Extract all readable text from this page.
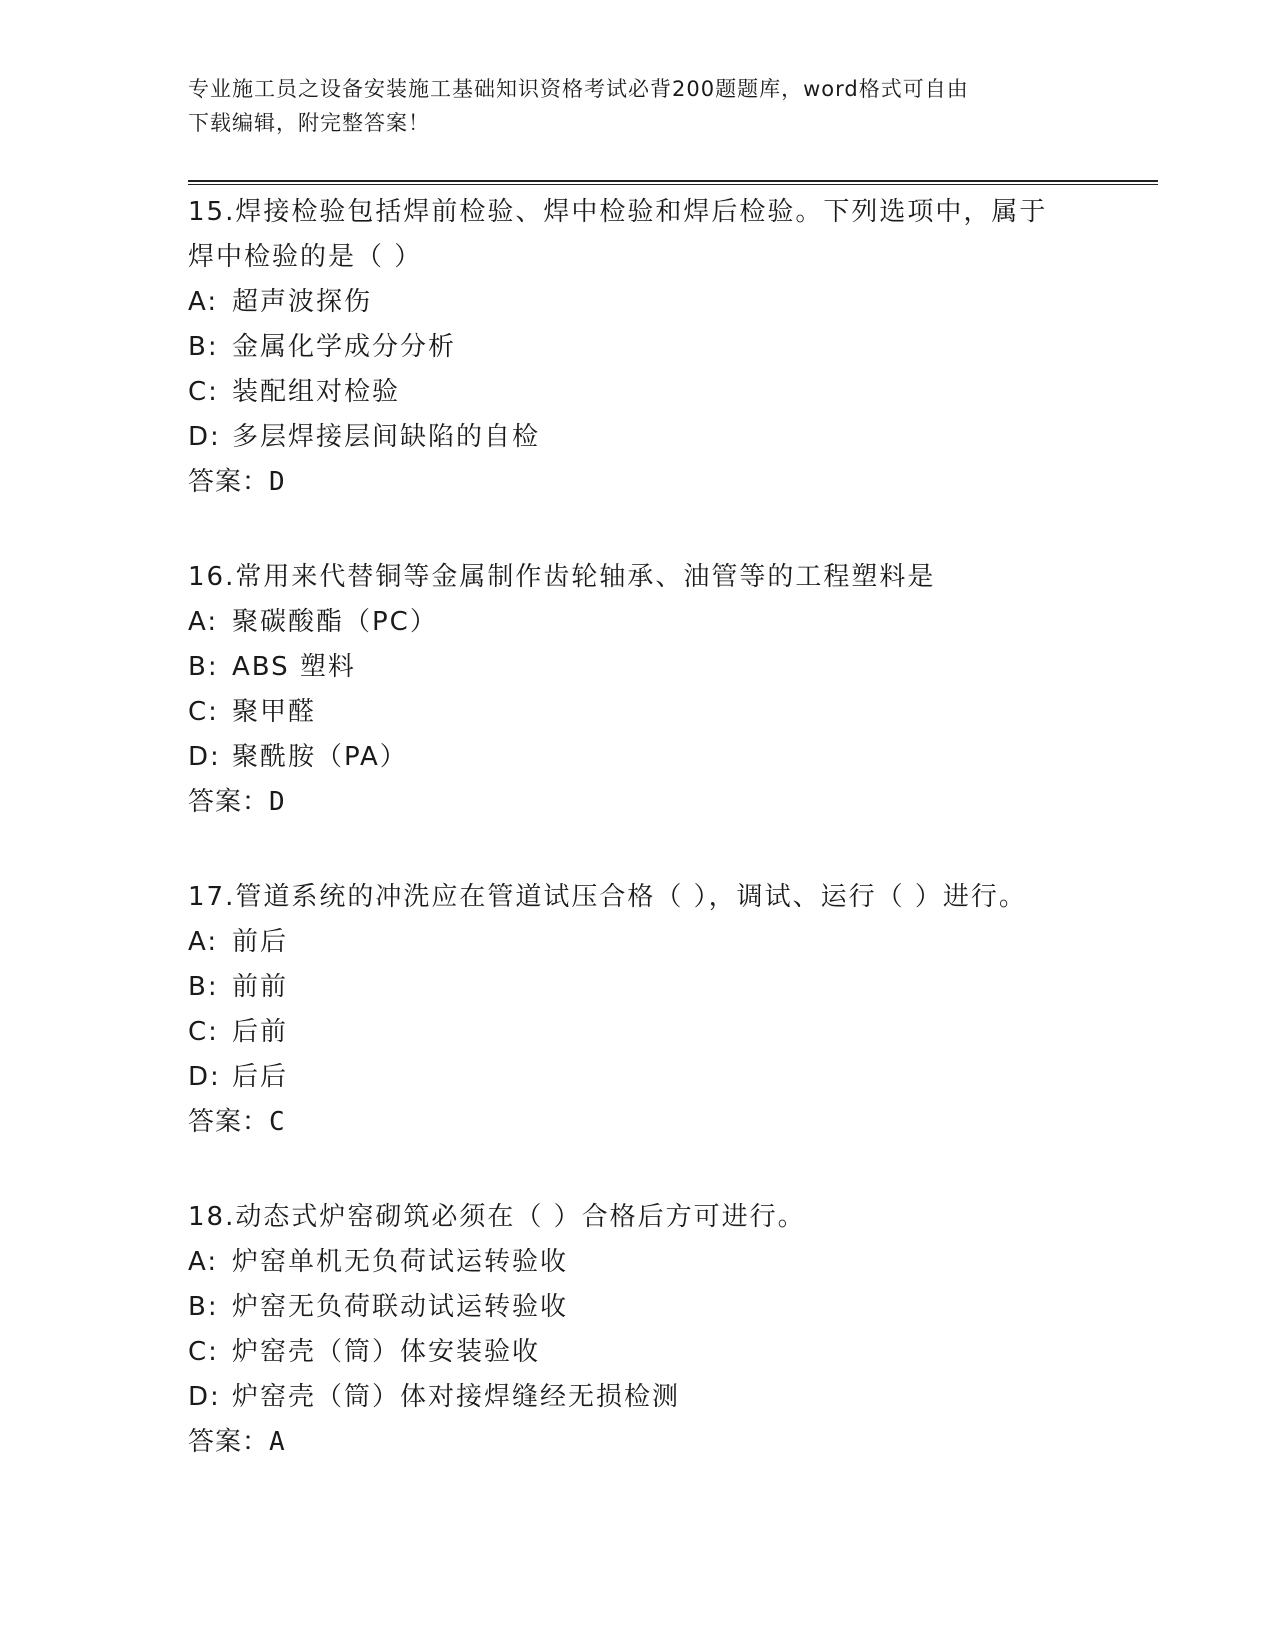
专业施工员之设备安装施工基础知识资格考试必背200题题库，word格式可自由
下载编辑，附完整答案！

15.焊接检验包括焊前检验、焊中检验和焊后检验。下列选项中，属于

焊中检验的是（ ）

A: 超声波探伤

B: 金属化学成分分析

C: 装配组对检验

D: 多层焊接层间缺陷的自检

答案：D

16.常用来代替铜等金属制作齿轮轴承、油管等的工程塑料是

A: 聚碳酸酯（PC）

B: ABS 塑料

C: 聚甲醛

D: 聚酰胺（PA）

答案：D

17.管道系统的冲洗应在管道试压合格（ ），调试、运行（ ）进行。

A: 前后

B: 前前

C: 后前

D: 后后

答案：C

18.动态式炉窑砌筑必须在（ ）合格后方可进行。

A: 炉窑单机无负荷试运转验收

B: 炉窑无负荷联动试运转验收

C: 炉窑壳（筒）体安装验收

D: 炉窑壳（筒）体对接焊缝经无损检测

答案：A
